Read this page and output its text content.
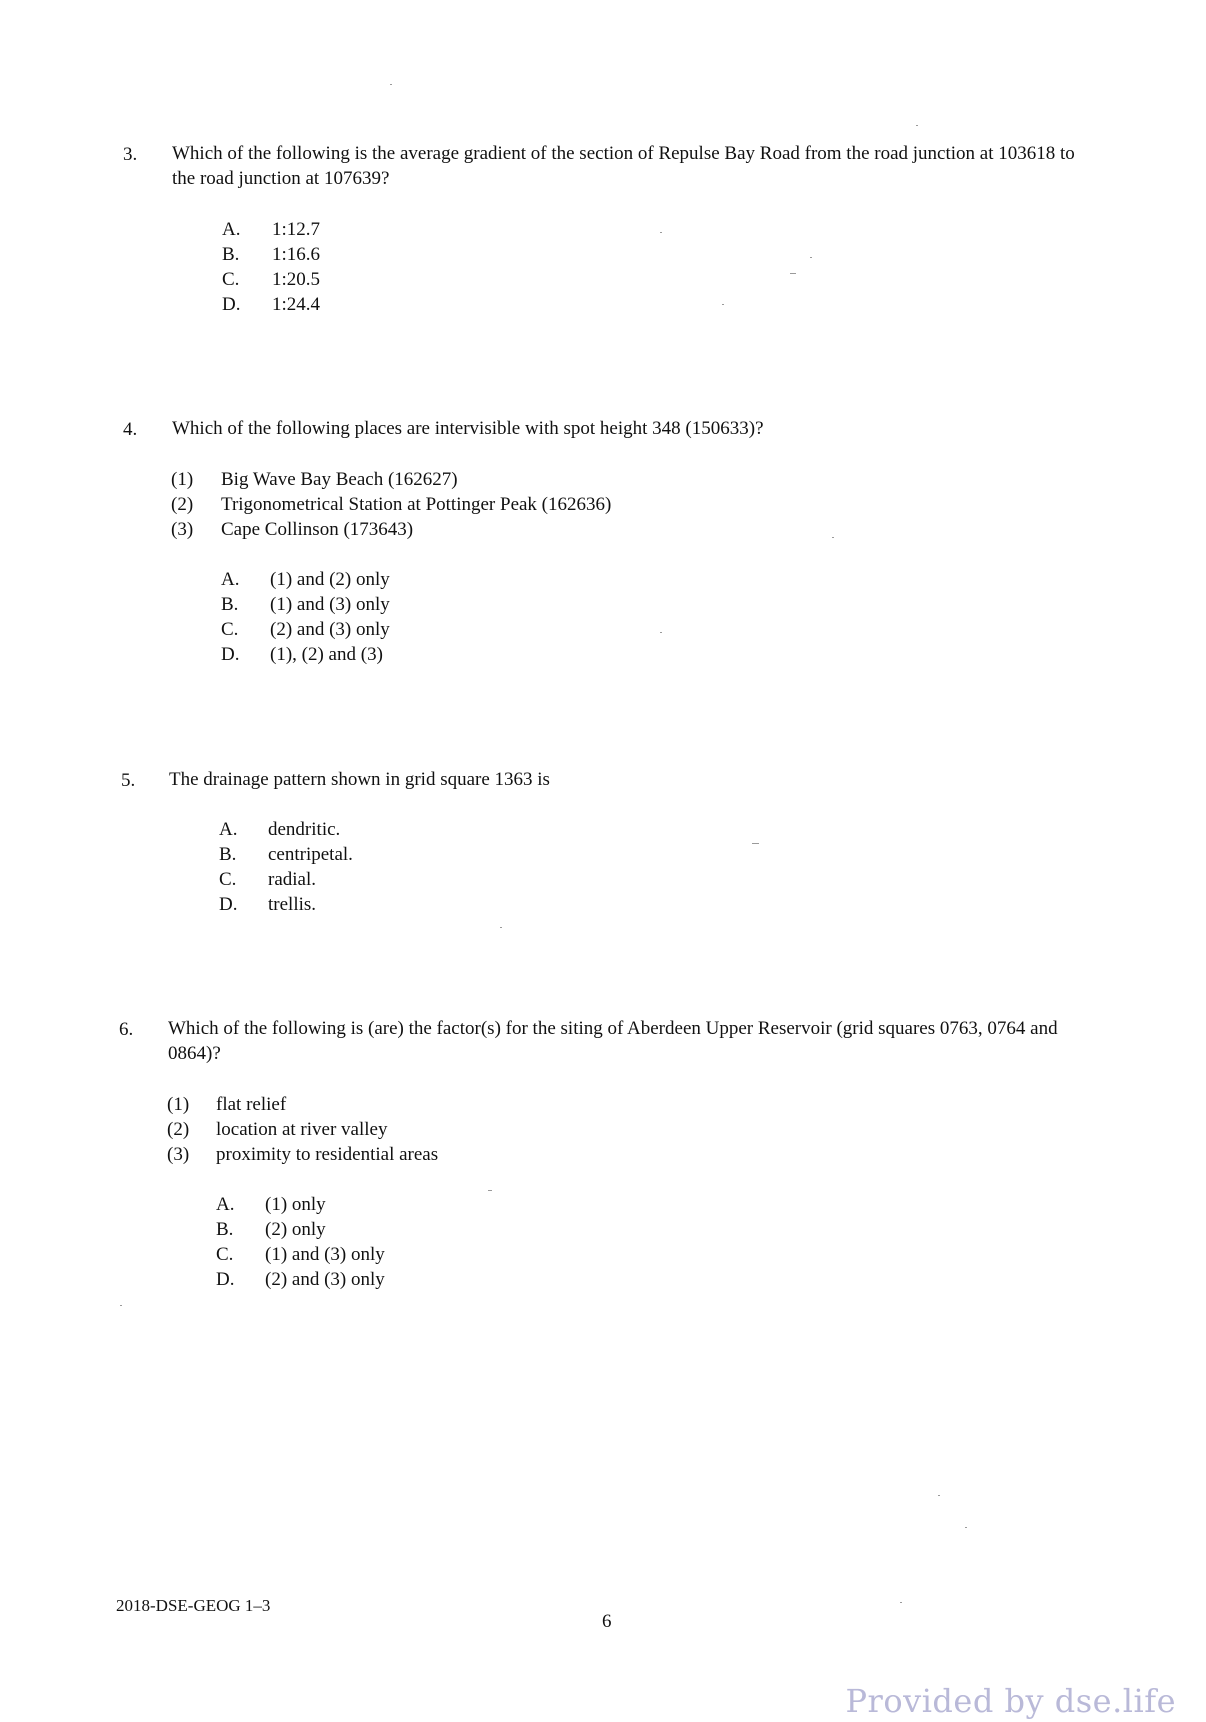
3. Which of the following is the average gradient of the section of Repulse Bay Road from the road junction at 103618 to the road junction at 107639?
A. 1:12.7
B. 1:16.6
C. 1:20.5
D. 1:24.4
4. Which of the following places are intervisible with spot height 348 (150633)?
(1) Big Wave Bay Beach (162627)
(2) Trigonometrical Station at Pottinger Peak (162636)
(3) Cape Collinson (173643)
A. (1) and (2) only
B. (1) and (3) only
C. (2) and (3) only
D. (1), (2) and (3)
5. The drainage pattern shown in grid square 1363 is
A. dendritic.
B. centripetal.
C. radial.
D. trellis.
6. Which of the following is (are) the factor(s) for the siting of Aberdeen Upper Reservoir (grid squares 0763, 0764 and 0864)?
(1) flat relief
(2) location at river valley
(3) proximity to residential areas
A. (1) only
B. (2) only
C. (1) and (3) only
D. (2) and (3) only
2018-DSE-GEOG 1–3
6
Provided by dse.life
